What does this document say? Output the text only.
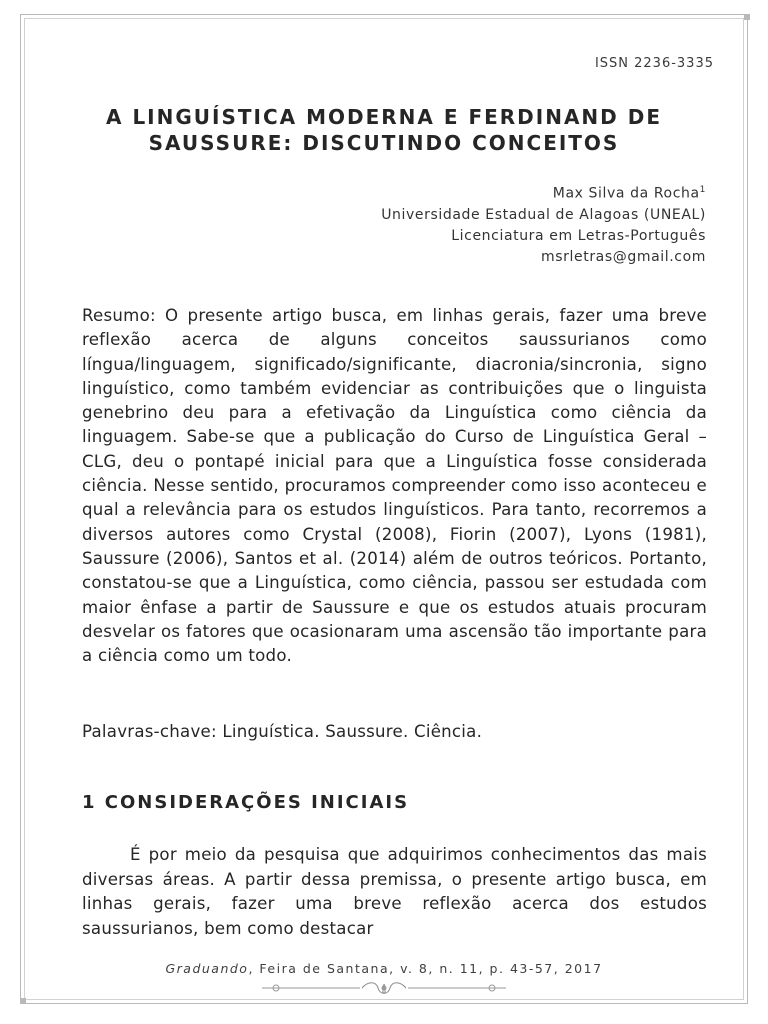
ISSN 2236-3335
A LINGUÍSTICA MODERNA E FERDINAND DE
SAUSSURE: DISCUTINDO CONCEITOS
Max Silva da Rocha$^1$
Universidade Estadual de Alagoas (UNEAL)
Licenciatura em Letras-Português
msrletras@gmail.com

Resumo: O presente artigo busca, em linhas gerais, fazer uma breve reflexão acerca de alguns conceitos saussurianos como língua/linguagem, significado/significante, diacronia/sincronia, signo linguístico, como também evidenciar as contribuições que o linguista genebrino deu para a efetivação da Linguística como ciência da linguagem. Sabe-se que a publicação do Curso de Linguística Geral – CLG, deu o pontapé inicial para que a Linguística fosse considerada ciência. Nesse sentido, procuramos compreender como isso aconteceu e qual a relevância para os estudos linguísticos. Para tanto, recorremos a diversos autores como Crystal (2008), Fiorin (2007), Lyons (1981), Saussure (2006), Santos et al. (2014) além de outros teóricos. Portanto, constatou-se que a Linguística, como ciência, passou ser estudada com maior ênfase a partir de Saussure e que os estudos atuais procuram desvelar os fatores que ocasionaram uma ascensão tão importante para a ciência como um todo.

Palavras-chave: Linguística. Saussure. Ciência.

1 CONSIDERAÇÕES INICIAIS

É por meio da pesquisa que adquirimos conhecimentos das mais diversas áreas. A partir dessa premissa, o presente artigo busca, em linhas gerais, fazer uma breve reflexão acerca dos estudos saussurianos, bem como destacar

Graduando, Feira de Santana, v. 8, n. 11, p. 43-57, 2017
